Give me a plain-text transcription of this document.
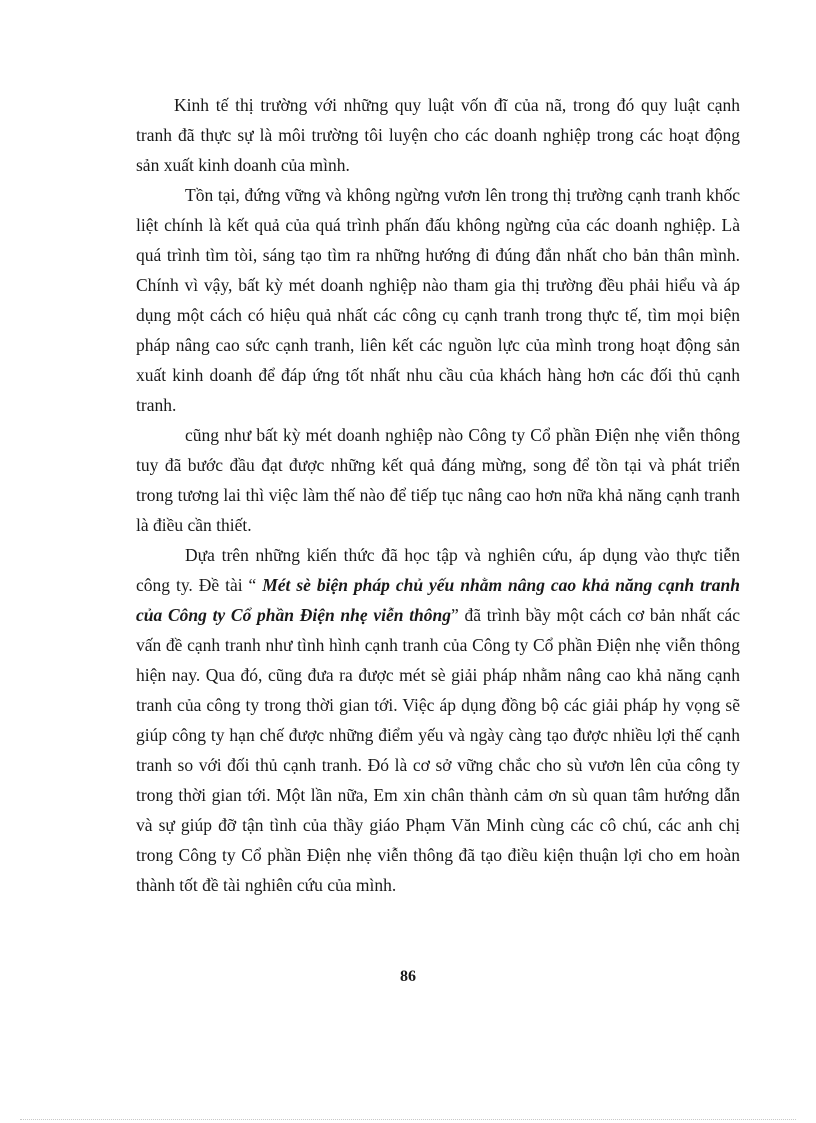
Kinh tế thị trường với những quy luật vốn đĩ của nã, trong đó quy luật cạnh tranh đã thực sự là môi trường tôi luyện cho các doanh nghiệp trong các hoạt động sản xuất kinh doanh của mình.

Tồn tại, đứng vững và không ngừng vươn lên trong thị trường cạnh tranh khốc liệt chính là kết quả của quá trình phấn đấu không ngừng của các doanh nghiệp. Là quá trình tìm tòi, sáng tạo tìm ra những hướng đi đúng đắn nhất cho bản thân mình. Chính vì vậy, bất kỳ mét doanh nghiệp nào tham gia thị trường đều phải hiểu và áp dụng một cách có hiệu quả nhất các công cụ cạnh tranh trong thực tế, tìm mọi biện pháp nâng cao sức cạnh tranh, liên kết các nguồn lực của mình trong hoạt động sản xuất kinh doanh để đáp ứng tốt nhất nhu cầu của khách hàng hơn các đối thủ cạnh tranh.

cũng như bất kỳ mét doanh nghiệp nào Công ty Cổ phần Điện nhẹ viễn thông tuy đã bước đầu đạt được những kết quả đáng mừng, song để tồn tại và phát triển trong tương lai thì việc làm thế nào để tiếp tục nâng cao hơn nữa khả năng cạnh tranh là điều cần thiết.

Dựa trên những kiến thức đã học tập và nghiên cứu, áp dụng vào thực tiễn công ty. Đề tài “ Mét sè biện pháp chủ yếu nhằm nâng cao khả năng cạnh tranh của Công ty Cổ phần Điện nhẹ viễn thông” đã trình bầy một cách cơ bản nhất các vấn đề cạnh tranh như tình hình cạnh tranh của Công ty Cổ phần Điện nhẹ viễn thông hiện nay. Qua đó, cũng đưa ra được mét sè giải pháp nhằm nâng cao khả năng cạnh tranh của công ty trong thời gian tới. Việc áp dụng đồng bộ các giải pháp hy vọng sẽ giúp công ty hạn chế được những điểm yếu và ngày càng tạo được nhiều lợi thế cạnh tranh so với đối thủ cạnh tranh. Đó là cơ sở vững chắc cho sù vươn lên của công ty trong thời gian tới. Một lần nữa, Em xin chân thành cảm ơn sù quan tâm hướng dẫn và sự giúp đỡ tận tình của thầy giáo Phạm Văn Minh cùng các cô chú, các anh chị trong Công ty Cổ phần Điện nhẹ viễn thông đã tạo điều kiện thuận lợi cho em hoàn thành tốt đề tài nghiên cứu của mình.

86
